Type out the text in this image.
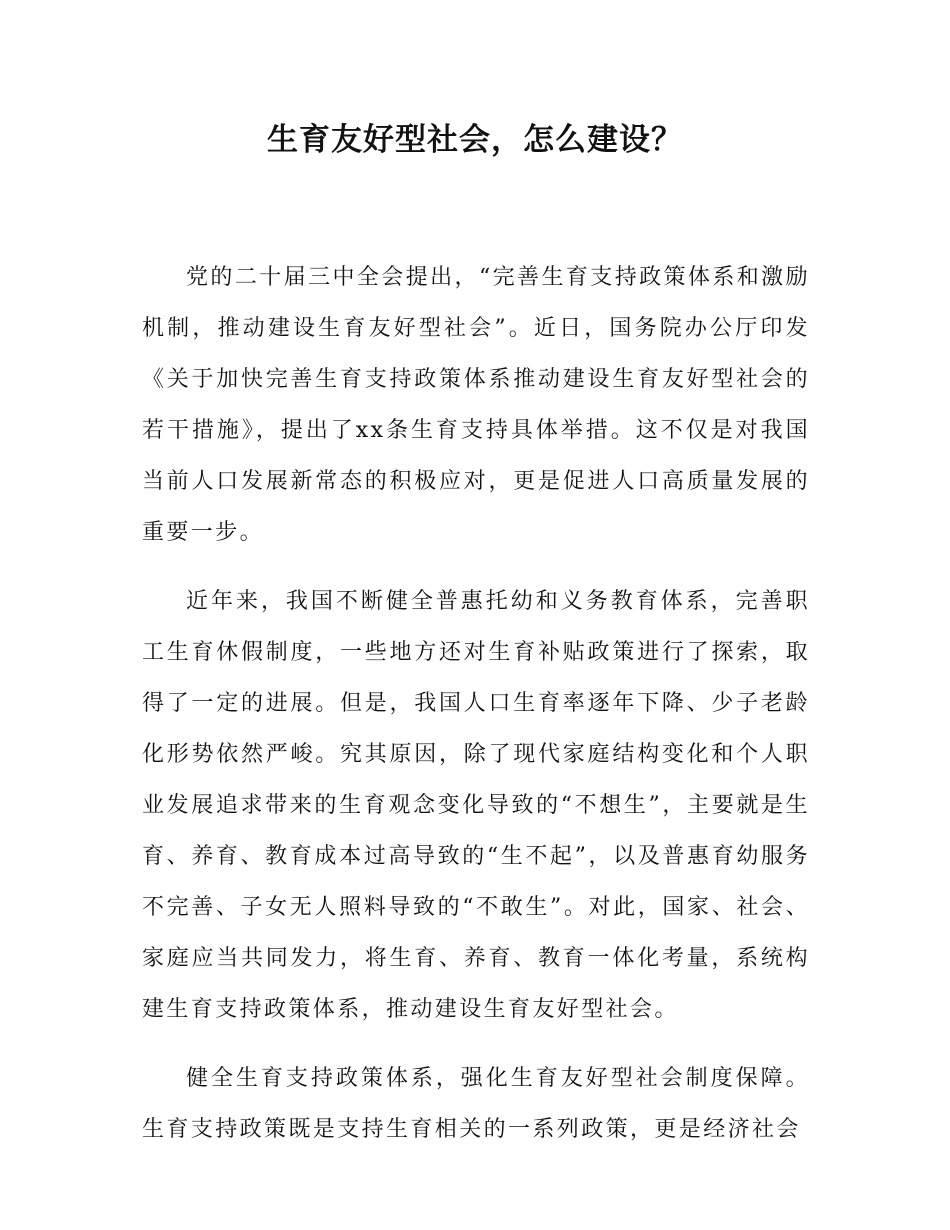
生育友好型社会，怎么建设？

党的二十届三中全会提出，“完善生育支持政策体系和激励机制，推动建设生育友好型社会”。近日，国务院办公厅印发《关于加快完善生育支持政策体系推动建设生育友好型社会的若干措施》，提出了xx条生育支持具体举措。这不仅是对我国当前人口发展新常态的积极应对，更是促进人口高质量发展的重要一步。

近年来，我国不断健全普惠托幼和义务教育体系，完善职工生育休假制度，一些地方还对生育补贴政策进行了探索，取得了一定的进展。但是，我国人口生育率逐年下降、少子老龄化形势依然严峻。究其原因，除了现代家庭结构变化和个人职业发展追求带来的生育观念变化导致的“不想生”，主要就是生育、养育、教育成本过高导致的“生不起”，以及普惠育幼服务不完善、子女无人照料导致的“不敢生”。对此，国家、社会、家庭应当共同发力，将生育、养育、教育一体化考量，系统构建生育支持政策体系，推动建设生育友好型社会。

健全生育支持政策体系，强化生育友好型社会制度保障。生育支持政策既是支持生育相关的一系列政策，更是经济社会
